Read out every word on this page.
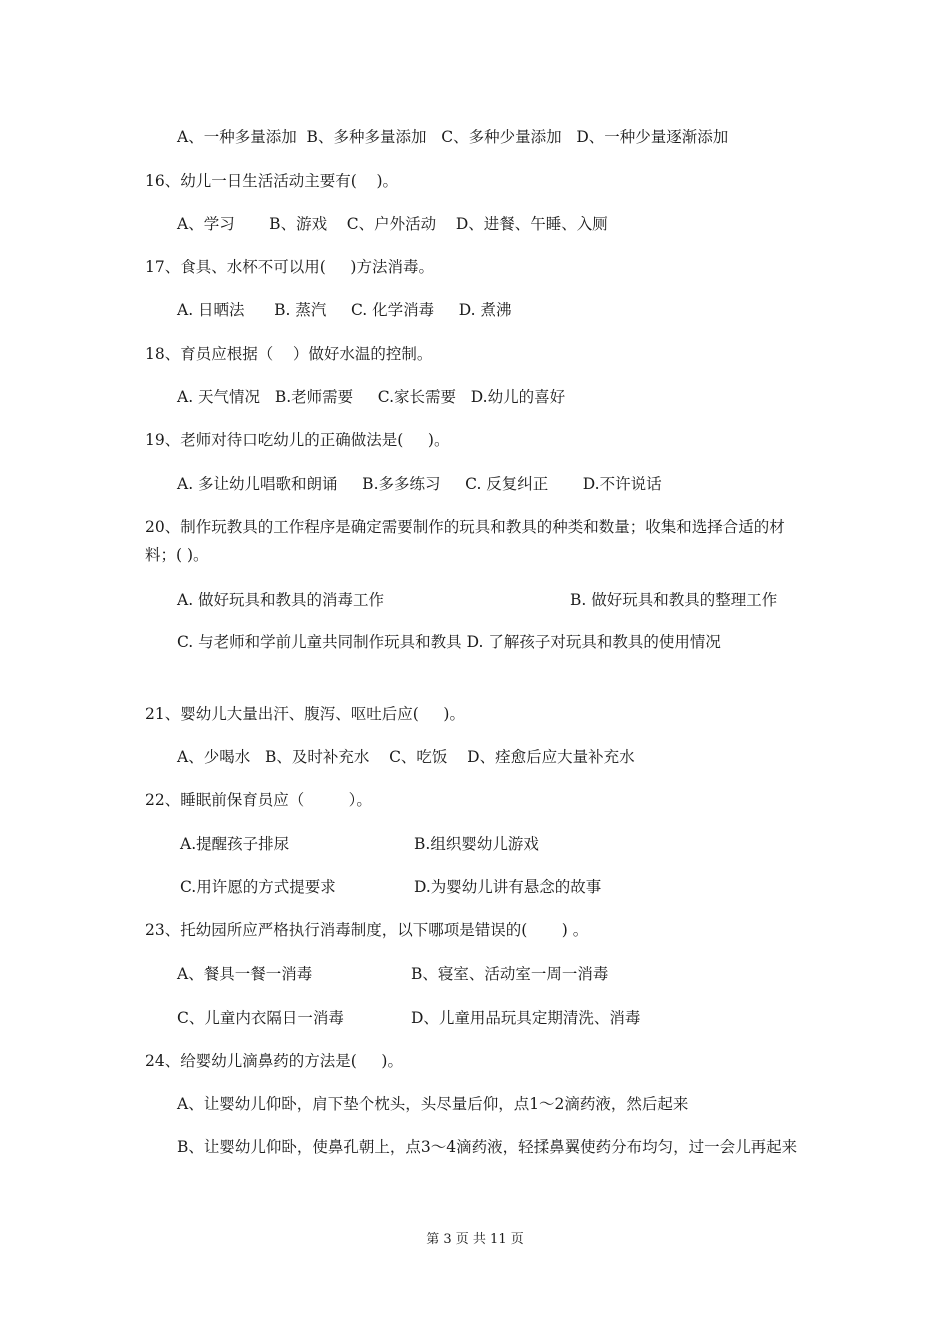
A、一种多量添加  B、多种多量添加   C、多种少量添加   D、一种少量逐渐添加
16、幼儿一日生活活动主要有(    )。
A、学习       B、游戏    C、户外活动    D、进餐、午睡、入厕
17、食具、水杯不可以用(     )方法消毒。
A. 日晒法      B. 蒸汽     C. 化学消毒     D. 煮沸
18、育员应根据（    ）做好水温的控制。
A. 天气情况   B.老师需要     C.家长需要   D.幼儿的喜好
19、老师对待口吃幼儿的正确做法是(     )。
A. 多让幼儿唱歌和朗诵     B.多多练习     C. 反复纠正       D.不许说话
20、制作玩教具的工作程序是确定需要制作的玩具和教具的种类和数量；收集和选择合适的材料；( )。
A. 做好玩具和教具的消毒工作	B. 做好玩具和教具的整理工作
C. 与老师和学前儿童共同制作玩具和教具 D. 了解孩子对玩具和教具的使用情况
21、婴幼儿大量出汗、腹泻、呕吐后应(     )。
A、少喝水   B、及时补充水    C、吃饭    D、痊愈后应大量补充水
22、睡眠前保育员应（         ）。
A.提醒孩子排尿	B.组织婴幼儿游戏
C.用许愿的方式提要求	D.为婴幼儿讲有悬念的故事
23、托幼园所应严格执行消毒制度，以下哪项是错误的(       ) 。
A、餐具一餐一消毒	B、寝室、活动室一周一消毒
C、儿童内衣隔日一消毒	D、儿童用品玩具定期清洗、消毒
24、给婴幼儿滴鼻药的方法是(     )。
A、让婴幼儿仰卧，肩下垫个枕头，头尽量后仰，点1～2滴药液，然后起来
B、让婴幼儿仰卧，使鼻孔朝上，点3～4滴药液，轻揉鼻翼使药分布均匀，过一会儿再起来
第 3 页 共 11 页
